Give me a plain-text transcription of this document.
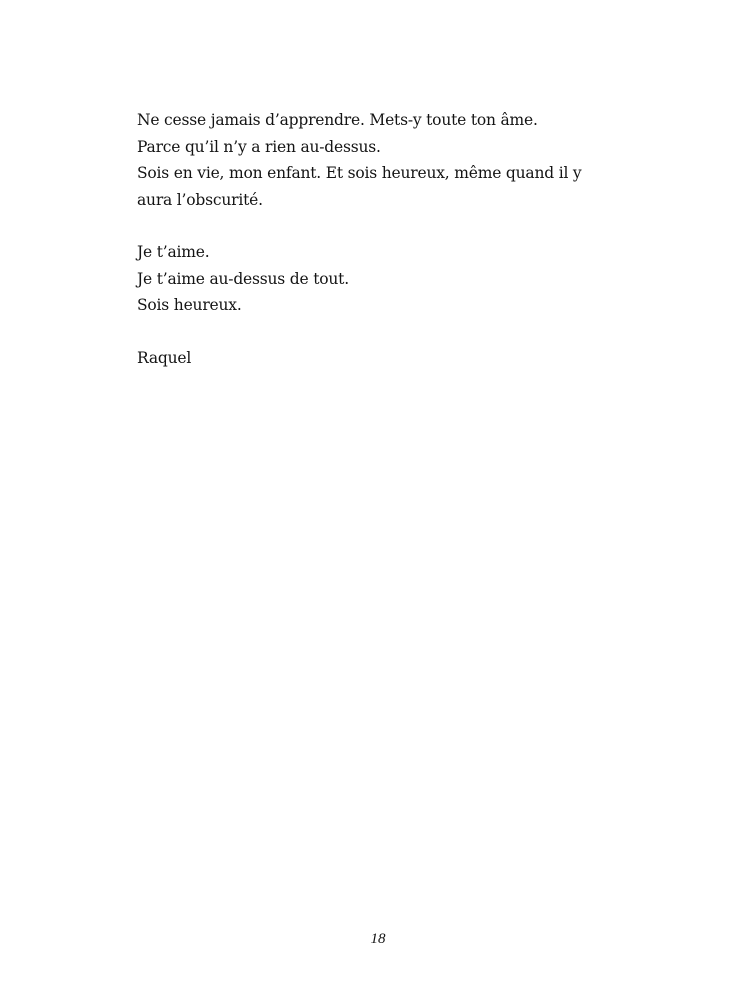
Ne cesse jamais d’apprendre. Mets-y toute ton âme.
Parce qu’il n’y a rien au-dessus.
Sois en vie, mon enfant. Et sois heureux, même quand il y
aura l’obscurité.

Je t’aime.
Je t’aime au-dessus de tout.
Sois heureux.

Raquel

18
